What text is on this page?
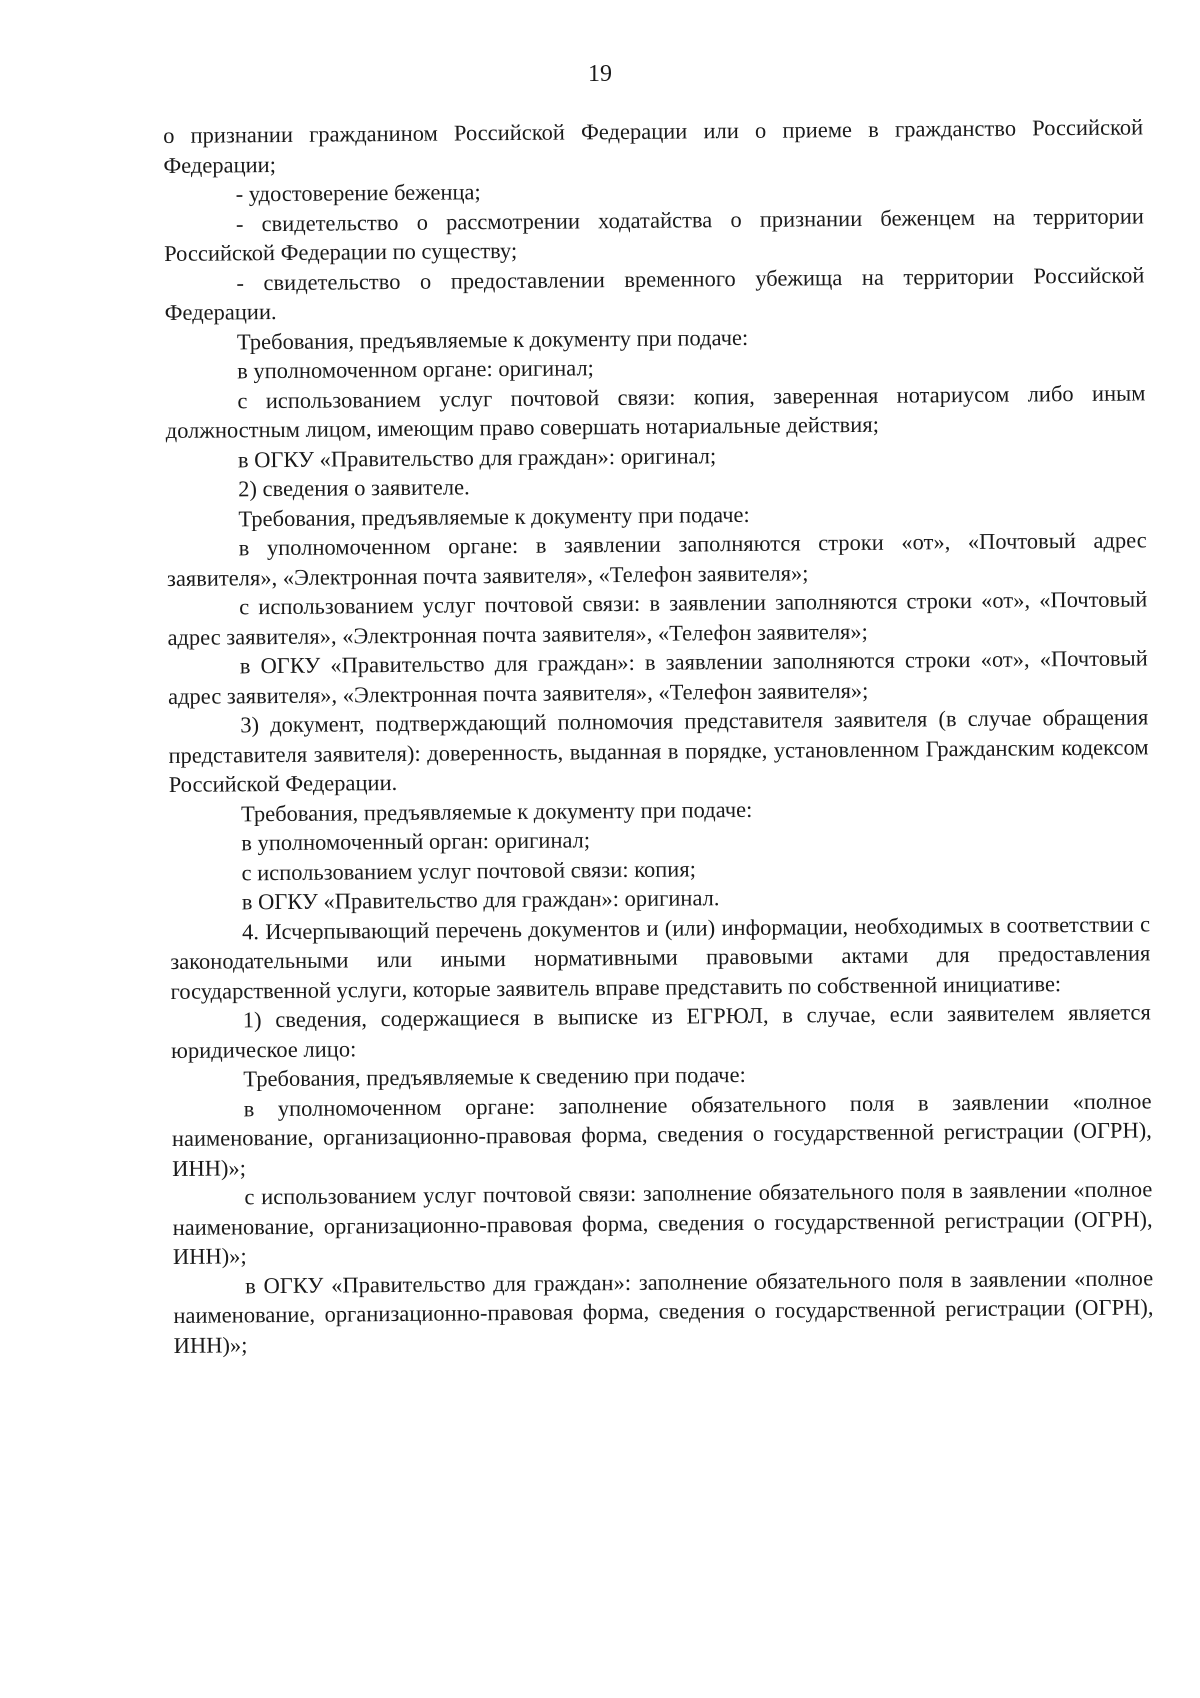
19

о признании гражданином Российской Федерации или о приеме в гражданство Российской Федерации;

- удостоверение беженца;

- свидетельство о рассмотрении ходатайства о признании беженцем на территории Российской Федерации по существу;

- свидетельство о предоставлении временного убежища на территории Российской Федерации.

Требования, предъявляемые к документу при подаче:

в уполномоченном органе: оригинал;

с использованием услуг почтовой связи: копия, заверенная нотариусом либо иным должностным лицом, имеющим право совершать нотариальные действия;

в ОГКУ «Правительство для граждан»: оригинал;

2) сведения о заявителе.

Требования, предъявляемые к документу при подаче:

в уполномоченном органе: в заявлении заполняются строки «от», «Почтовый адрес заявителя», «Электронная почта заявителя», «Телефон заявителя»;

с использованием услуг почтовой связи: в заявлении заполняются строки «от», «Почтовый адрес заявителя», «Электронная почта заявителя», «Телефон заявителя»;

в ОГКУ «Правительство для граждан»: в заявлении заполняются строки «от», «Почтовый адрес заявителя», «Электронная почта заявителя», «Телефон заявителя»;

3) документ, подтверждающий полномочия представителя заявителя (в случае обращения представителя заявителя): доверенность, выданная в порядке, установленном Гражданским кодексом Российской Федерации.

Требования, предъявляемые к документу при подаче:

в уполномоченный орган: оригинал;

с использованием услуг почтовой связи: копия;

в ОГКУ «Правительство для граждан»: оригинал.

4. Исчерпывающий перечень документов и (или) информации, необходимых в соответствии с законодательными или иными нормативными правовыми актами для предоставления государственной услуги, которые заявитель вправе представить по собственной инициативе:

1) сведения, содержащиеся в выписке из ЕГРЮЛ, в случае, если заявителем является юридическое лицо:

Требования, предъявляемые к сведению при подаче:

в уполномоченном органе: заполнение обязательного поля в заявлении «полное наименование, организационно-правовая форма, сведения о государственной регистрации (ОГРН), ИНН)»;

с использованием услуг почтовой связи: заполнение обязательного поля в заявлении «полное наименование, организационно-правовая форма, сведения о государственной регистрации (ОГРН), ИНН)»;

в ОГКУ «Правительство для граждан»: заполнение обязательного поля в заявлении «полное наименование, организационно-правовая форма, сведения о государственной регистрации (ОГРН), ИНН)»;
